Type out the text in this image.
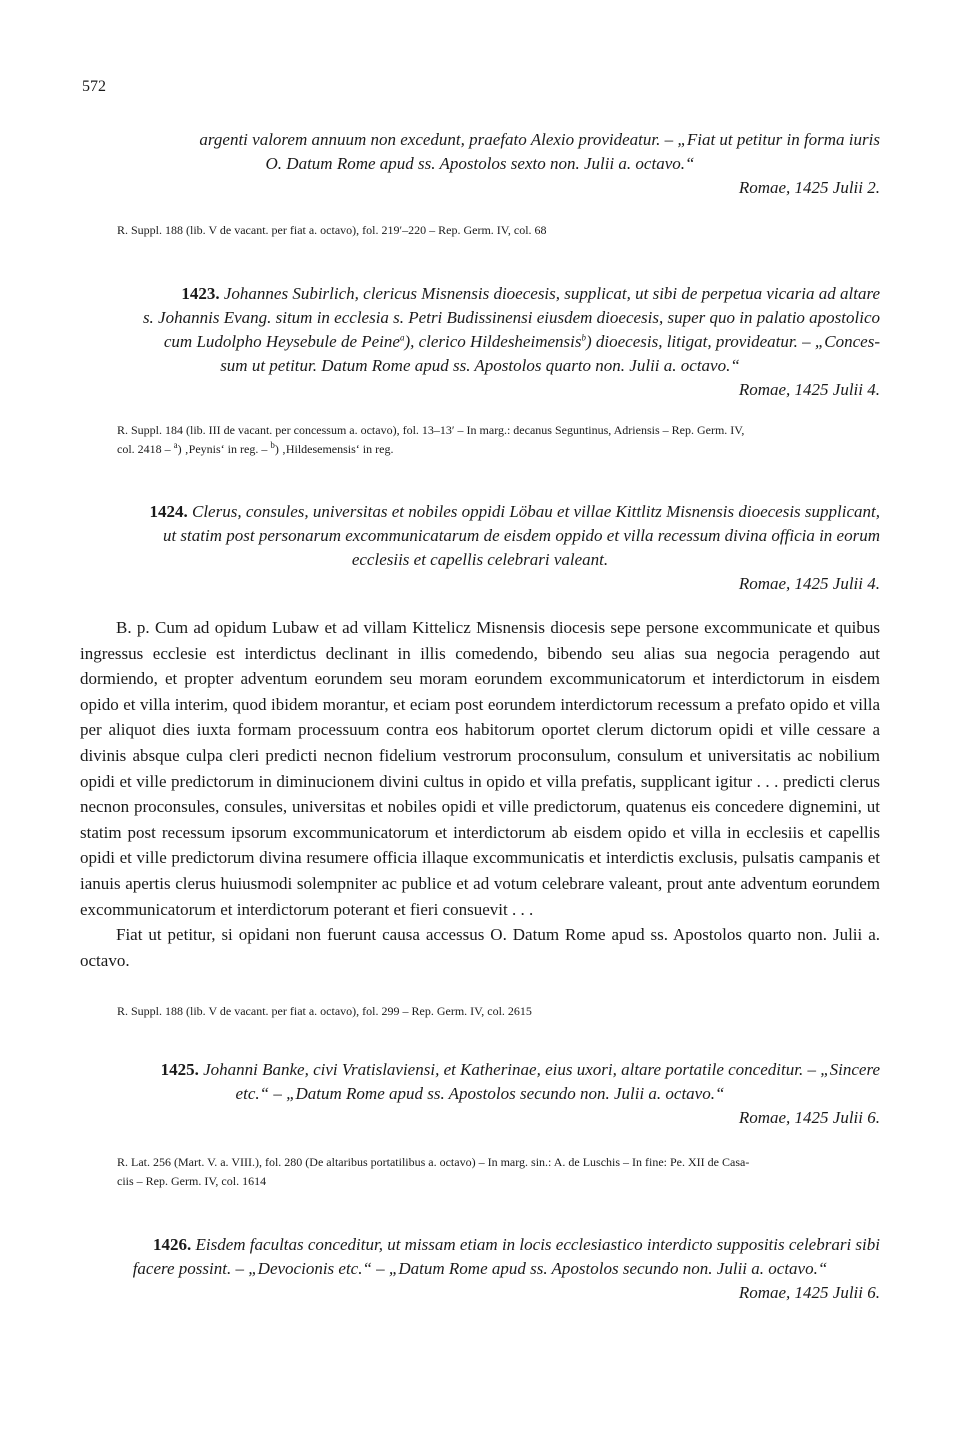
572
argenti valorem annuum non excedunt, praefato Alexio provideatur. – „Fiat ut petitur in forma iuris
O. Datum Rome apud ss. Apostolos sexto non. Julii a. octavo.“
Romae, 1425 Julii 2.
R. Suppl. 188 (lib. V de vacant. per fiat a. octavo), fol. 219′–220 – Rep. Germ. IV, col. 68
1423. Johannes Subirlich, clericus Misnensis dioecesis, supplicat, ut sibi de perpetua vicaria ad altare
s. Johannis Evang. situm in ecclesia s. Petri Budissinensi eiusdem dioecesis, super quo in palatio apostolico
cum Ludolpho Heysebule de Peine$^a$), clerico Hildesheimensis$^b$) dioecesis, litigat, provideatur. – „Conces-
sum ut petitur. Datum Rome apud ss. Apostolos quarto non. Julii a. octavo.“
Romae, 1425 Julii 4.
R. Suppl. 184 (lib. III de vacant. per concessum a. octavo), fol. 13–13′ – In marg.: decanus Seguntinus, Adriensis – Rep. Germ. IV,
col. 2418 – $^a$) ‚Peynis‘ in reg. – $^b$) ‚Hildesemensis‘ in reg.
1424. Clerus, consules, universitas et nobiles oppidi Löbau et villae Kittlitz Misnensis dioecesis supplicant,
ut statim post personarum excommunicatarum de eisdem oppido et villa recessum divina officia in eorum
ecclesiis et capellis celebrari valeant.
Romae, 1425 Julii 4.
B. p. Cum ad opidum Lubaw et ad villam Kittelicz Misnensis diocesis sepe persone excommunicate et quibus ingressus ecclesie est interdictus declinant in illis comedendo, bibendo seu alias sua negocia peragendo aut dormiendo, et propter adventum eorundem seu moram eorundem excommunicatorum et interdictorum in eisdem opido et villa interim, quod ibidem morantur, et eciam post eorundem interdictorum recessum a prefato opido et villa per aliquot dies iuxta formam processuum contra eos habitorum oportet clerum dictorum opidi et ville cessare a divinis absque culpa cleri predicti necnon fidelium vestrorum proconsulum, consulum et universitatis ac nobilium opidi et ville predictorum in diminucionem divini cultus in opido et villa prefatis, supplicant igitur . . . predicti clerus necnon proconsules, consules, universitas et nobiles opidi et ville predictorum, quatenus eis concedere dignemini, ut statim post recessum ipsorum excommunicatorum et interdictorum ab eisdem opido et villa in ecclesiis et capellis opidi et ville predictorum divina resumere officia illaque excommunicatis et interdictis exclusis, pulsatis campanis et ianuis apertis clerus huiusmodi solempniter ac publice et ad votum celebrare valeant, prout ante adventum eorundem excommunicatorum et interdictorum poterant et fieri consuevit . . .
Fiat ut petitur, si opidani non fuerunt causa accessus O. Datum Rome apud ss. Apostolos quarto non. Julii a. octavo.
R. Suppl. 188 (lib. V de vacant. per fiat a. octavo), fol. 299 – Rep. Germ. IV, col. 2615
1425. Johanni Banke, civi Vratislaviensi, et Katherinae, eius uxori, altare portatile conceditur. – „Sincere
etc.“ – „Datum Rome apud ss. Apostolos secundo non. Julii a. octavo.“
Romae, 1425 Julii 6.
R. Lat. 256 (Mart. V. a. VIII.), fol. 280 (De altaribus portatilibus a. octavo) – In marg. sin.: A. de Luschis – In fine: Pe. XII de Casa-
ciis – Rep. Germ. IV, col. 1614
1426. Eisdem facultas conceditur, ut missam etiam in locis ecclesiastico interdicto suppositis celebrari sibi
facere possint. – „Devocionis etc.“ – „Datum Rome apud ss. Apostolos secundo non. Julii a. octavo.“
Romae, 1425 Julii 6.
